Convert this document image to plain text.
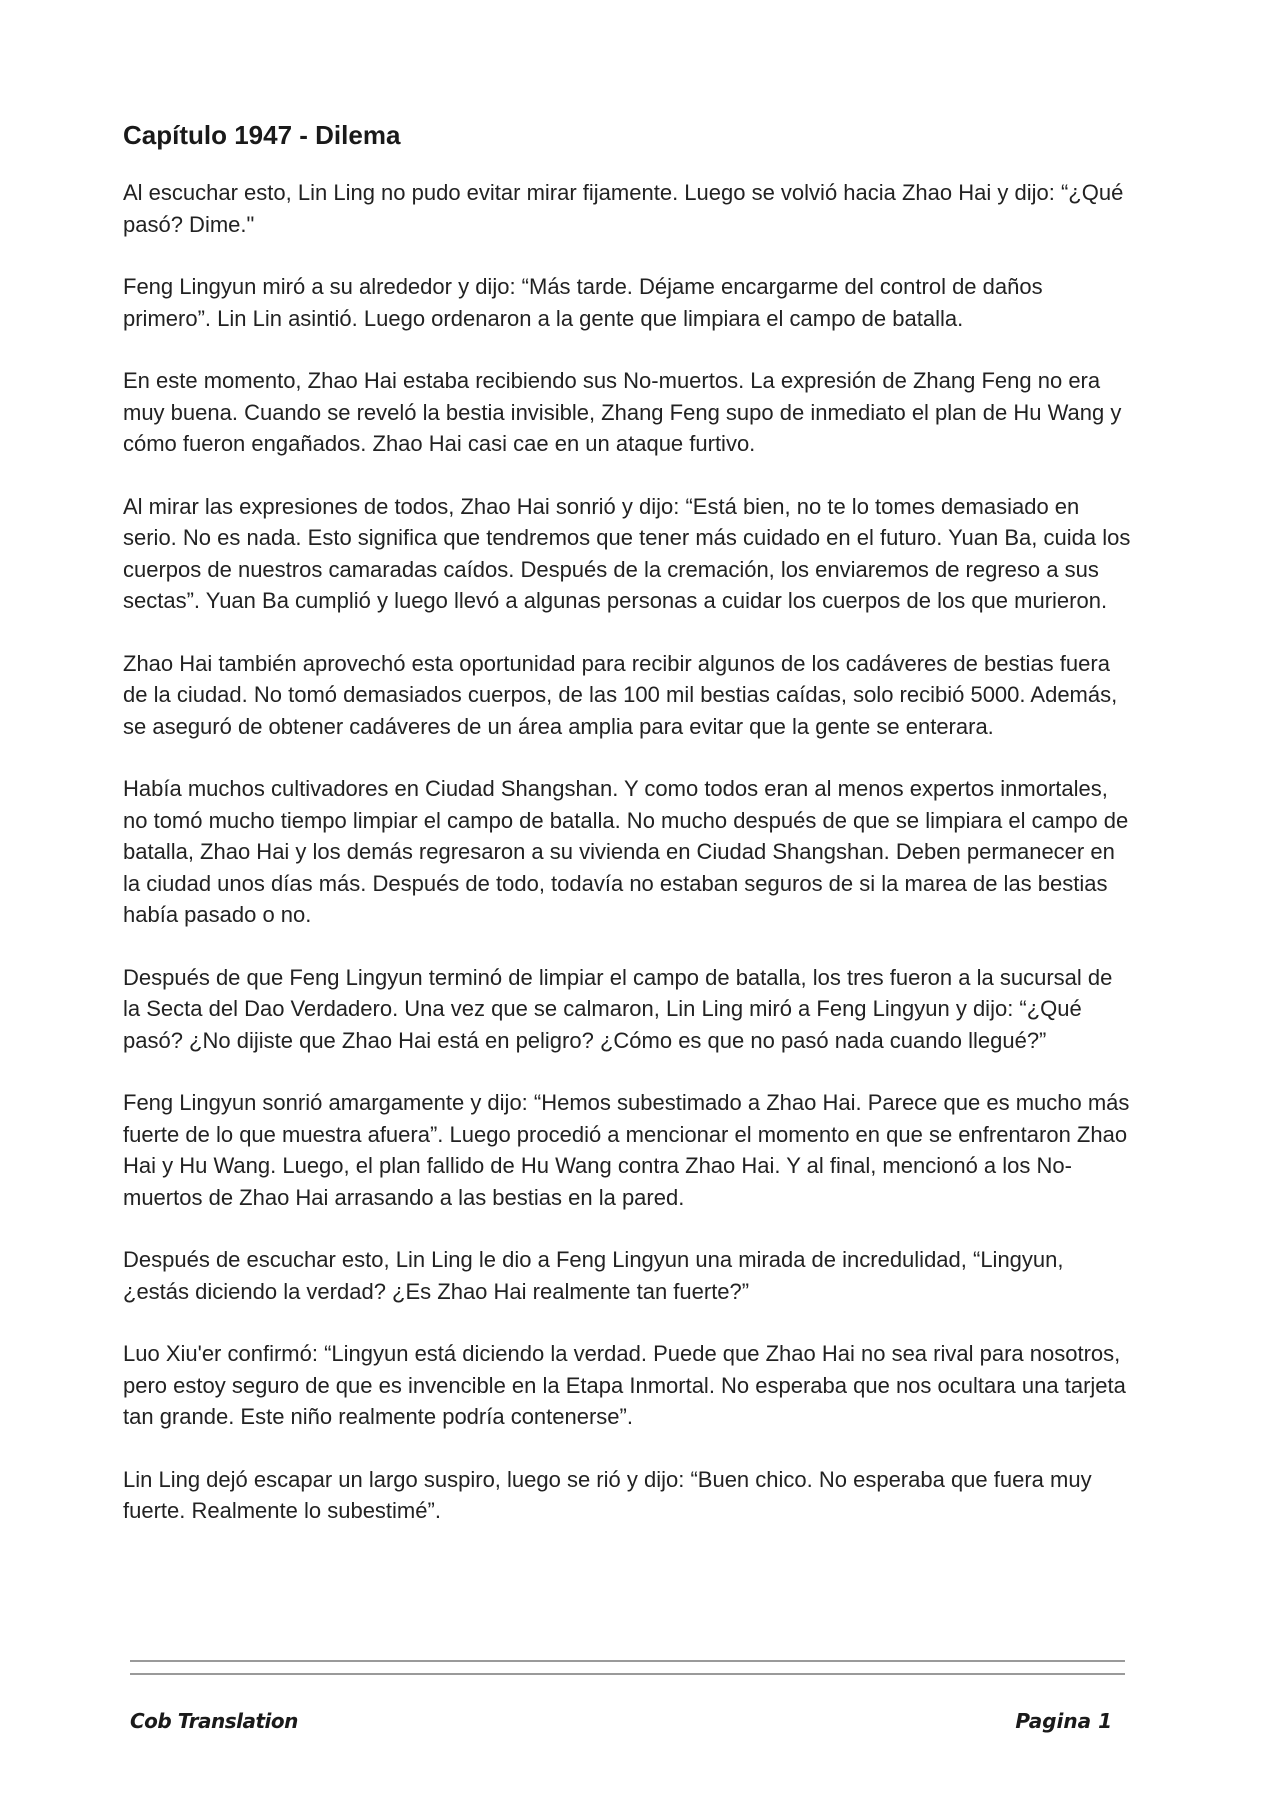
Capítulo 1947 - Dilema

Al escuchar esto, Lin Ling no pudo evitar mirar fijamente. Luego se volvió hacia Zhao Hai y dijo: “¿Qué pasó? Dime."

Feng Lingyun miró a su alrededor y dijo: “Más tarde. Déjame encargarme del control de daños primero”. Lin Lin asintió. Luego ordenaron a la gente que limpiara el campo de batalla.

En este momento, Zhao Hai estaba recibiendo sus No-muertos. La expresión de Zhang Feng no era muy buena. Cuando se reveló la bestia invisible, Zhang Feng supo de inmediato el plan de Hu Wang y cómo fueron engañados. Zhao Hai casi cae en un ataque furtivo.

Al mirar las expresiones de todos, Zhao Hai sonrió y dijo: “Está bien, no te lo tomes demasiado en serio. No es nada. Esto significa que tendremos que tener más cuidado en el futuro. Yuan Ba, cuida los cuerpos de nuestros camaradas caídos. Después de la cremación, los enviaremos de regreso a sus sectas”. Yuan Ba cumplió y luego llevó a algunas personas a cuidar los cuerpos de los que murieron.

Zhao Hai también aprovechó esta oportunidad para recibir algunos de los cadáveres de bestias fuera de la ciudad. No tomó demasiados cuerpos, de las 100 mil bestias caídas, solo recibió 5000. Además, se aseguró de obtener cadáveres de un área amplia para evitar que la gente se enterara.

Había muchos cultivadores en Ciudad Shangshan. Y como todos eran al menos expertos inmortales, no tomó mucho tiempo limpiar el campo de batalla. No mucho después de que se limpiara el campo de batalla, Zhao Hai y los demás regresaron a su vivienda en Ciudad Shangshan. Deben permanecer en la ciudad unos días más. Después de todo, todavía no estaban seguros de si la marea de las bestias había pasado o no.

Después de que Feng Lingyun terminó de limpiar el campo de batalla, los tres fueron a la sucursal de la Secta del Dao Verdadero. Una vez que se calmaron, Lin Ling miró a Feng Lingyun y dijo: “¿Qué pasó? ¿No dijiste que Zhao Hai está en peligro? ¿Cómo es que no pasó nada cuando llegué?”

Feng Lingyun sonrió amargamente y dijo: “Hemos subestimado a Zhao Hai. Parece que es mucho más fuerte de lo que muestra afuera”. Luego procedió a mencionar el momento en que se enfrentaron Zhao Hai y Hu Wang. Luego, el plan fallido de Hu Wang contra Zhao Hai. Y al final, mencionó a los No-muertos de Zhao Hai arrasando a las bestias en la pared.

Después de escuchar esto, Lin Ling le dio a Feng Lingyun una mirada de incredulidad, “Lingyun, ¿estás diciendo la verdad? ¿Es Zhao Hai realmente tan fuerte?”

Luo Xiu'er confirmó: “Lingyun está diciendo la verdad. Puede que Zhao Hai no sea rival para nosotros, pero estoy seguro de que es invencible en la Etapa Inmortal. No esperaba que nos ocultara una tarjeta tan grande. Este niño realmente podría contenerse”.

Lin Ling dejó escapar un largo suspiro, luego se rió y dijo: “Buen chico. No esperaba que fuera muy fuerte. Realmente lo subestimé”.

Cob Translation	Pagina 1
